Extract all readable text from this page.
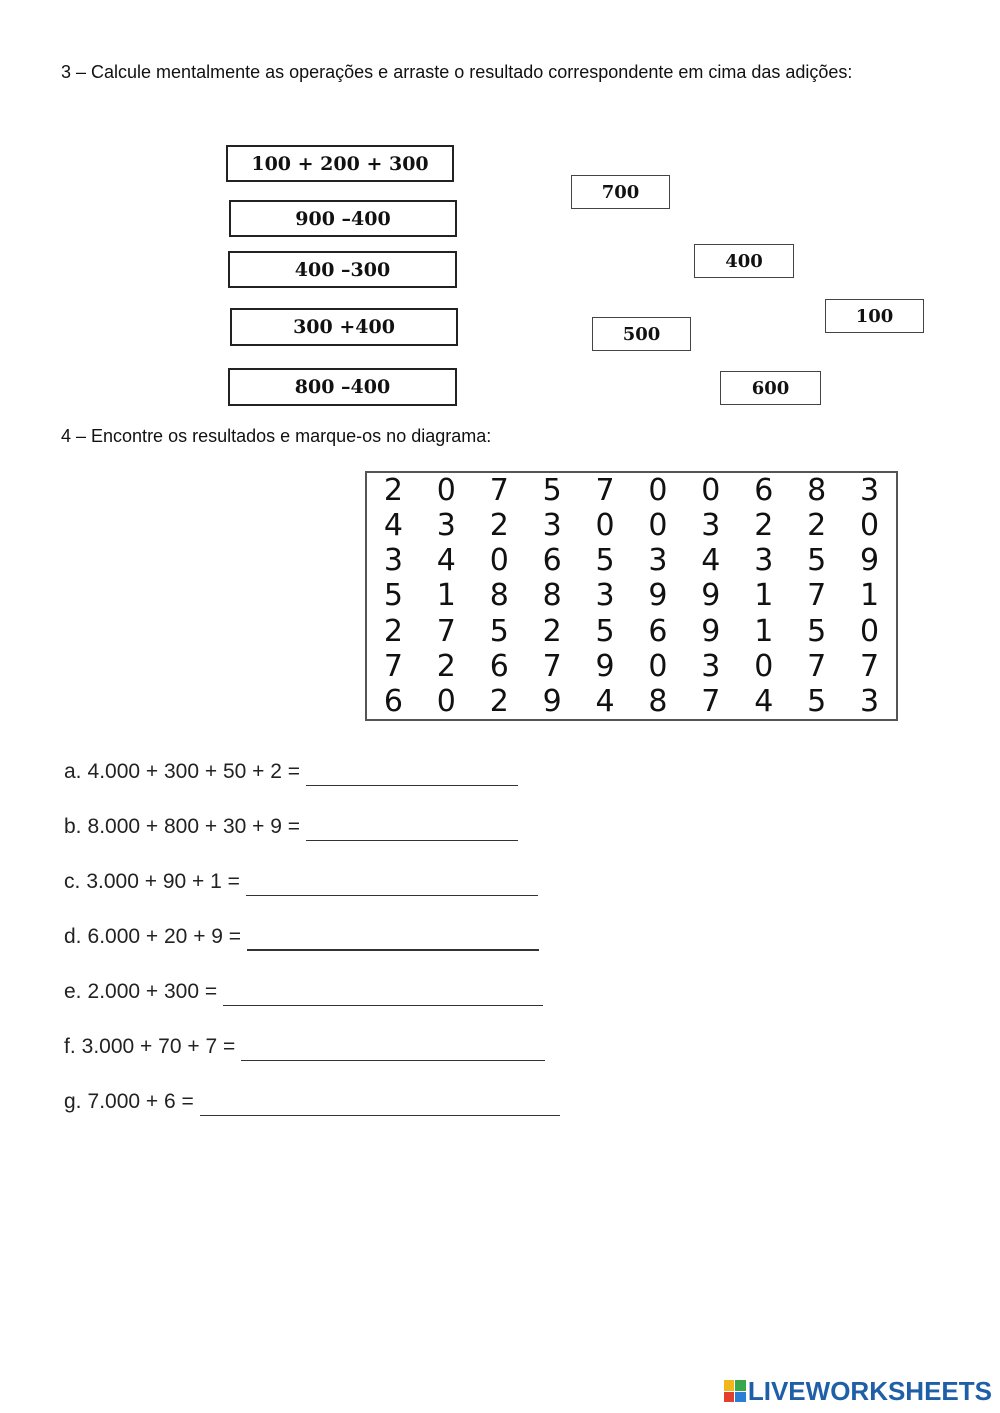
3 – Calcule mentalmente as operações e arraste o resultado correspondente em cima das adições:
100 + 200 + 300
900 –400
400 –300
300 +400
800 –400
700
400
100
500
600
4 – Encontre os resultados e marque-os no diagrama:
2	0	7	5	7	0	0	6	8	3
4	3	2	3	0	0	3	2	2	0
3	4	0	6	5	3	4	3	5	9
5	1	8	8	3	9	9	1	7	1
2	7	5	2	5	6	9	1	5	0
7	2	6	7	9	0	3	0	7	7
6	0	2	9	4	8	7	4	5	3
a. 4.000 + 300 + 50 + 2 =
b. 8.000 + 800 + 30 + 9 =
c. 3.000 + 90 + 1 =
d. 6.000 + 20 + 9 =
e. 2.000 + 300 =
f. 3.000 + 70 + 7 =
g. 7.000 + 6 =
LIVEWORKSHEETS
